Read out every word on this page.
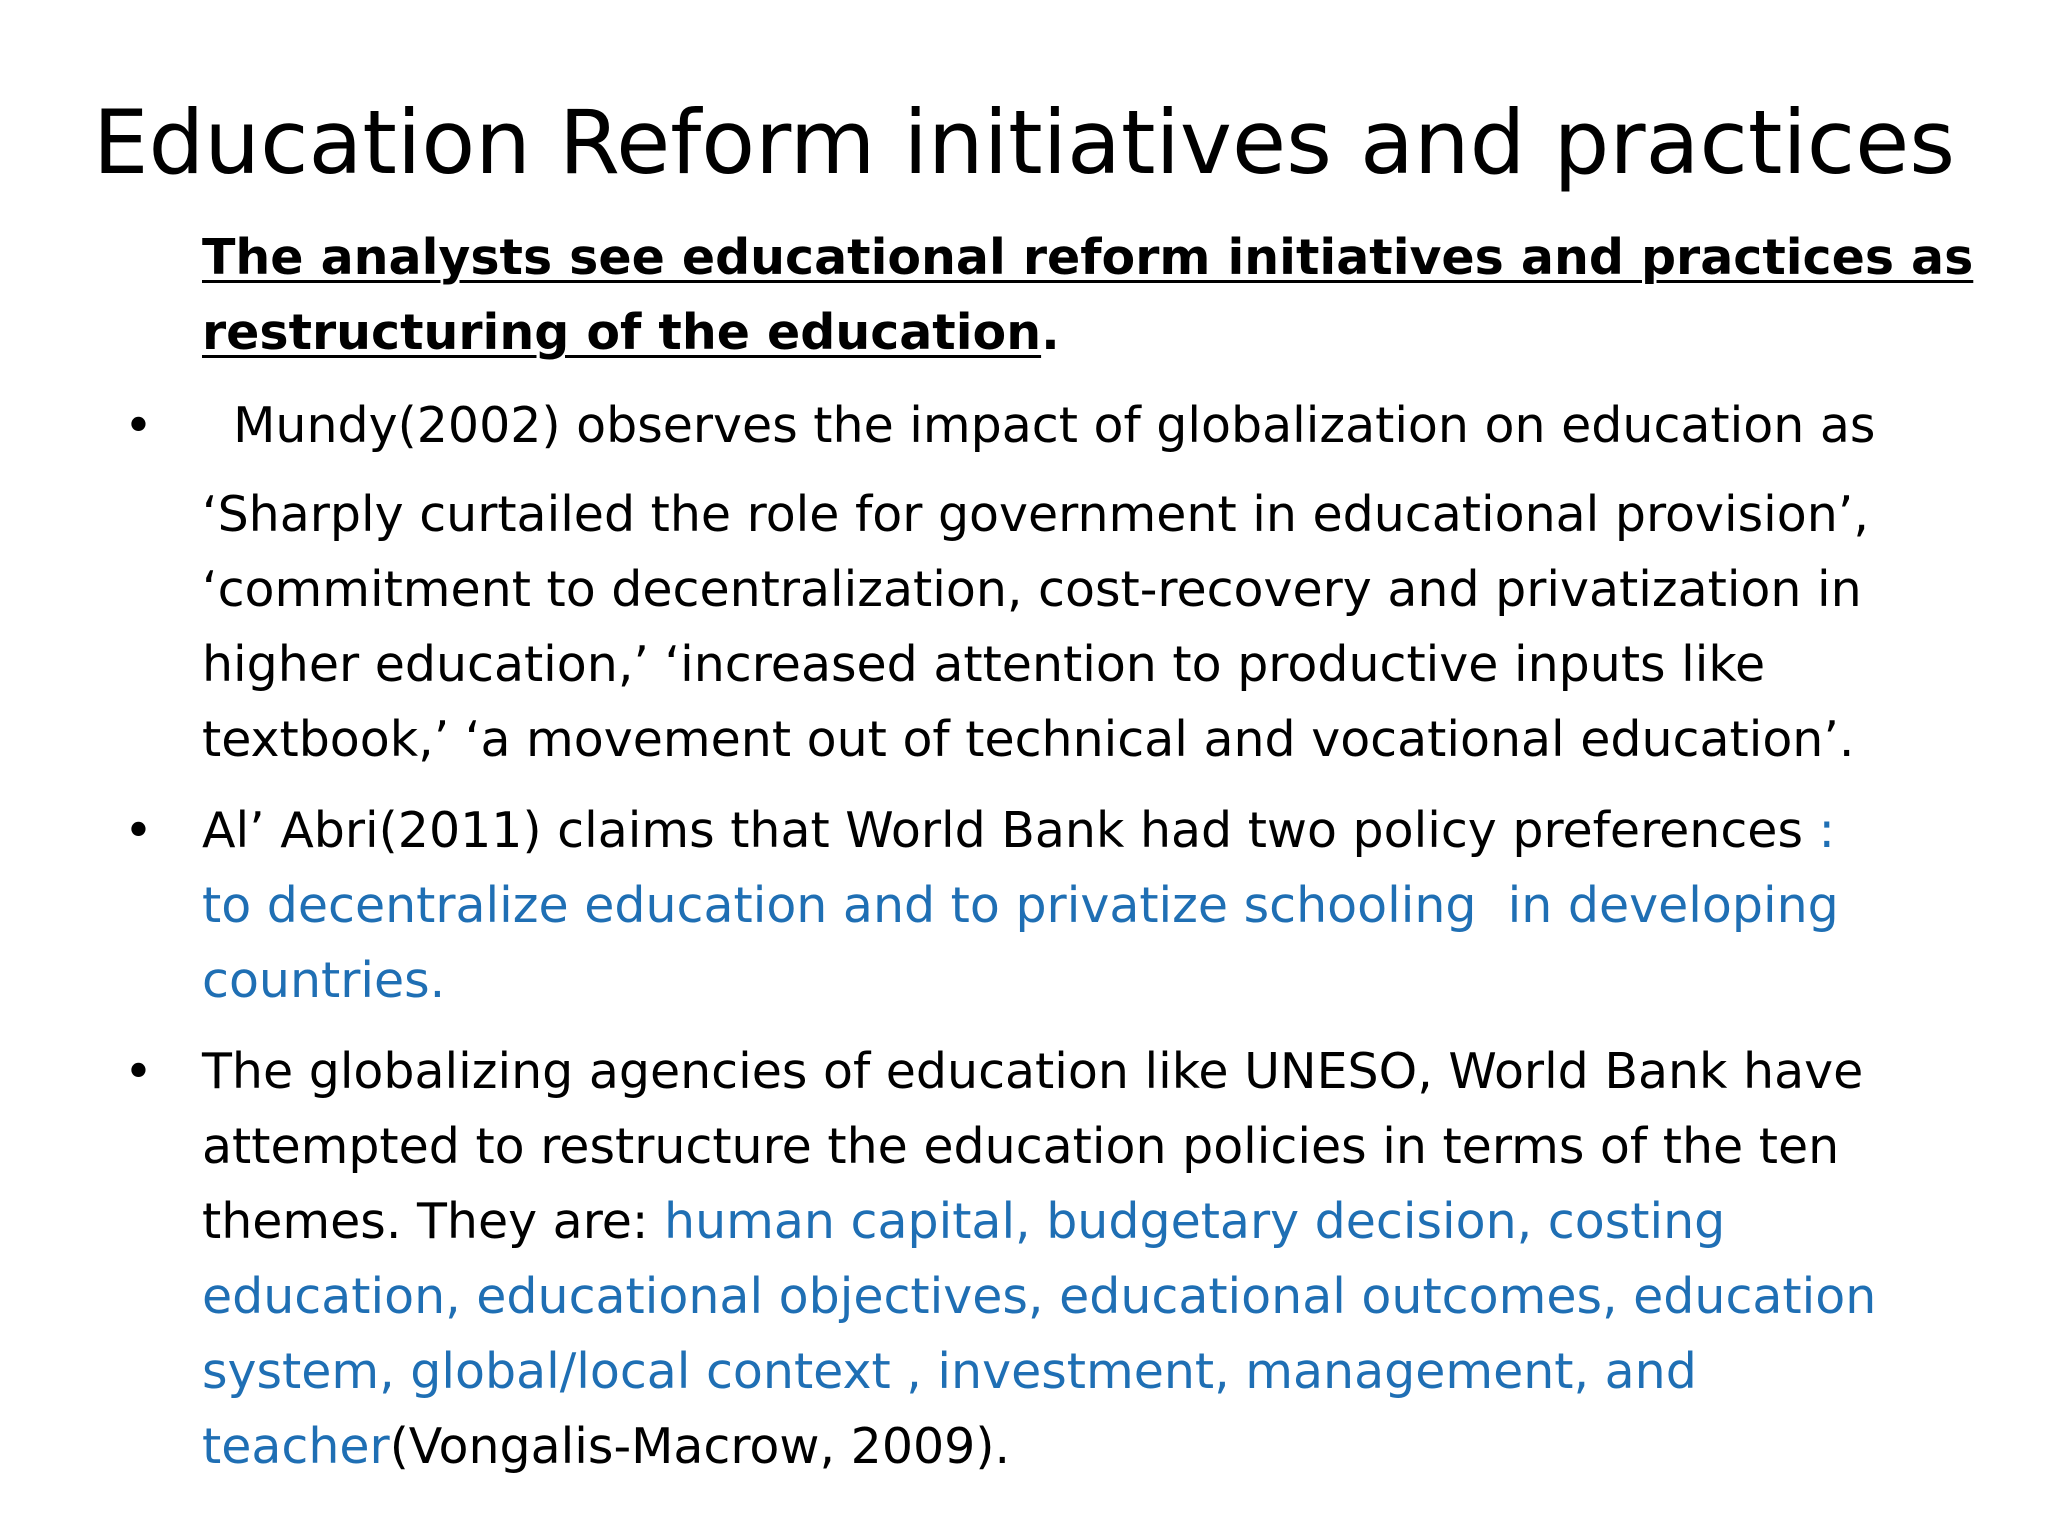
Education Reform initiatives and practices
The analysts see educational reform initiatives and practices as
restructuring of the education.
• Mundy(2002) observes the impact of globalization on education as
‘Sharply curtailed the role for government in educational provision’,
‘commitment to decentralization, cost-recovery and privatization in
higher education,’ ‘increased attention to productive inputs like
textbook,’ ‘a movement out of technical and vocational education’.
• Al’ Abri(2011) claims that World Bank had two policy preferences :
to decentralize education and to privatize schooling  in developing
countries.
• The globalizing agencies of education like UNESO, World Bank have
attempted to restructure the education policies in terms of the ten
themes. They are: human capital, budgetary decision, costing
education, educational objectives, educational outcomes, education
system, global/local context , investment, management, and
teacher(Vongalis-Macrow, 2009).
